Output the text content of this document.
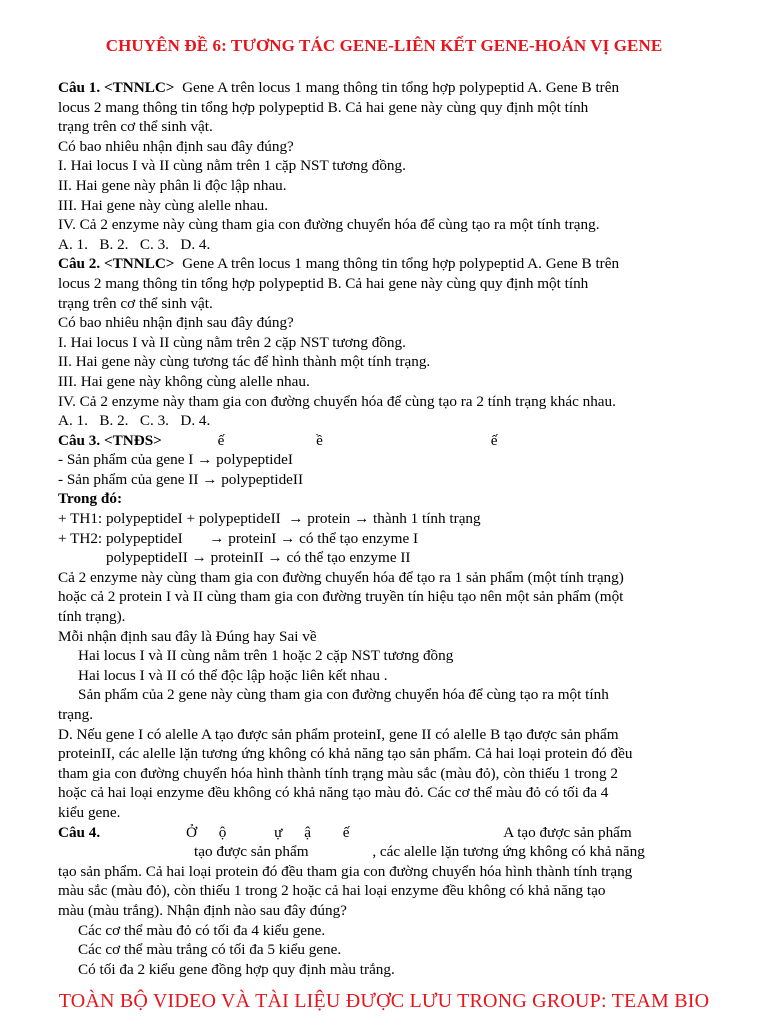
CHUYÊN ĐỀ 6: TƯƠNG TÁC GENE-LIÊN KẾT GENE-HOÁN VỊ GENE
Câu 1. <TNNLC> Gene A trên locus 1 mang thông tin tổng hợp polypeptid A. Gene B trên
locus 2 mang thông tin tổng hợp polypeptid B. Cả hai gene này cùng quy định một tính
trạng trên cơ thể sinh vật.
Có bao nhiêu nhận định sau đây đúng?
I. Hai locus I và II cùng nằm trên 1 cặp NST tương đồng.
II. Hai gene này phân li độc lập nhau.
III. Hai gene này cùng alelle nhau.
IV. Cả 2 enzyme này cùng tham gia con đường chuyển hóa để cùng tạo ra một tính trạng.
A. 1.   B. 2.   C. 3.   D. 4.
Câu 2. <TNNLC> Gene A trên locus 1 mang thông tin tổng hợp polypeptid A. Gene B trên
locus 2 mang thông tin tổng hợp polypeptid B. Cả hai gene này cùng quy định một tính
trạng trên cơ thể sinh vật.
Có bao nhiêu nhận định sau đây đúng?
I. Hai locus I và II cùng nằm trên 2 cặp NST tương đồng.
II. Hai gene này cùng tương tác để hình thành một tính trạng.
III. Hai gene này không cùng alelle nhau.
IV. Cả 2 enzyme này tham gia con đường chuyển hóa để cùng tạo ra 2 tính trạng khác nhau.
A. 1.   B. 2.   C. 3.   D. 4.
Câu 3. <TNĐS>	ế	ề	ế
- Sản phẩm của gene I → polypeptideI
- Sản phẩm của gene II → polypeptideII
Trong đó:
+ TH1: polypeptideI + polypeptideII  → protein → thành 1 tính trạng
+ TH2: polypeptideI       → proteinI → có thể tạo enzyme I
polypeptideII → proteinII → có thể tạo enzyme II
Cả 2 enzyme này cùng tham gia con đường chuyển hóa để tạo ra 1 sản phẩm (một tính trạng)
hoặc cả 2 protein I và II cùng tham gia con đường truyền tín hiệu tạo nên một sản phẩm (một
tính trạng).
Mỗi nhận định sau đây là Đúng hay Sai về
Hai locus I và II cùng nằm trên 1 hoặc 2 cặp NST tương đồng
Hai locus I và II có thể độc lập hoặc liên kết nhau .
Sản phẩm của 2 gene này cùng tham gia con đường chuyển hóa để cùng tạo ra một tính
trạng.
D. Nếu gene I có alelle A tạo được sản phẩm proteinI, gene II có alelle B tạo được sản phẩm
proteinII, các alelle lặn tương ứng không có khả năng tạo sản phẩm. Cả hai loại protein đó đều
tham gia con đường chuyển hóa hình thành tính trạng màu sắc (màu đỏ), còn thiếu 1 trong 2
hoặc cả hai loại enzyme đều không có khả năng tạo màu đỏ. Các cơ thể màu đỏ có tối đa 4
kiểu gene.
Câu 4.	Ở ộ	ự ậ ế	A tạo được sản phẩm
tạo được sản phẩm	, các alelle lặn tương ứng không có khả năng
tạo sản phẩm. Cả hai loại protein đó đều tham gia con đường chuyển hóa hình thành tính trạng
màu sắc (màu đỏ), còn thiếu 1 trong 2 hoặc cả hai loại enzyme đều không có khả năng tạo
màu (màu trắng). Nhận định nào sau đây đúng?
Các cơ thể màu đỏ có tối đa 4 kiểu gene.
Các cơ thể màu trắng có tối đa 5 kiểu gene.
Có tối đa 2 kiểu gene đồng hợp quy định màu trắng.
TOÀN BỘ VIDEO VÀ TÀI LIỆU ĐƯỢC LƯU TRONG GROUP: TEAM BIO
